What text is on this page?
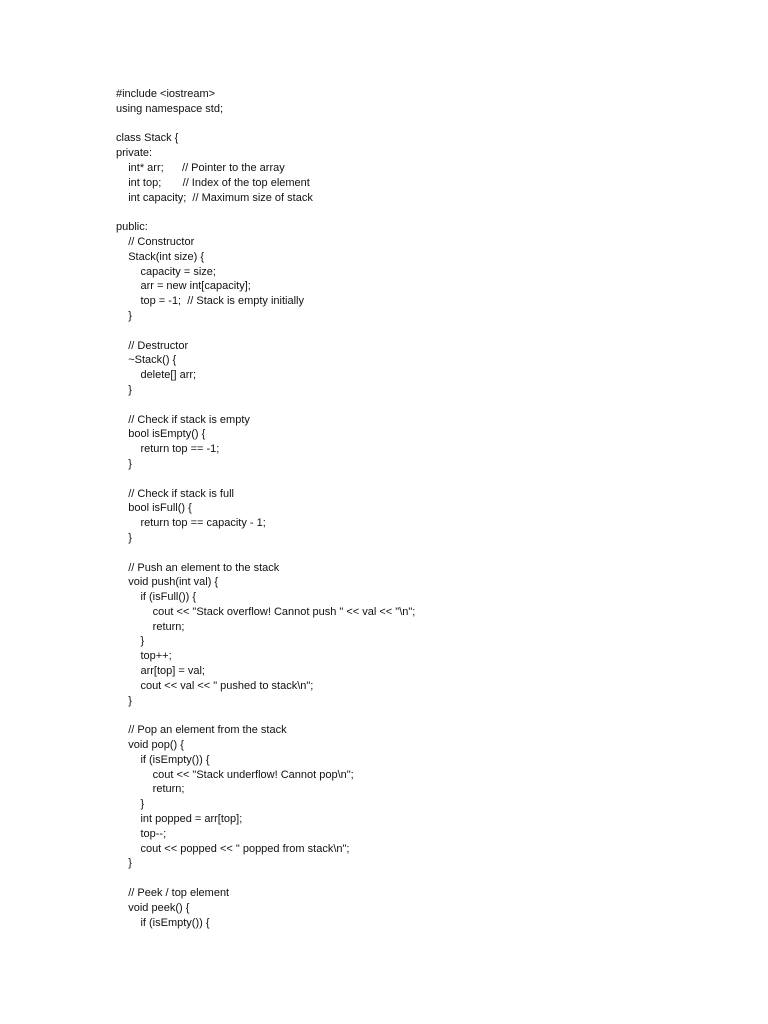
#include <iostream>
using namespace std;
class Stack {
private:
int* arr;      // Pointer to the array
int top;       // Index of the top element
int capacity;  // Maximum size of stack
public:
// Constructor
Stack(int size) {
capacity = size;
arr = new int[capacity];
top = -1;  // Stack is empty initially
}
// Destructor
~Stack() {
delete[] arr;
}
// Check if stack is empty
bool isEmpty() {
return top == -1;
}
// Check if stack is full
bool isFull() {
return top == capacity - 1;
}
// Push an element to the stack
void push(int val) {
if (isFull()) {
cout << "Stack overflow! Cannot push " << val << "\n";
return;
}
top++;
arr[top] = val;
cout << val << " pushed to stack\n";
}
// Pop an element from the stack
void pop() {
if (isEmpty()) {
cout << "Stack underflow! Cannot pop\n";
return;
}
int popped = arr[top];
top--;
cout << popped << " popped from stack\n";
}
// Peek / top element
void peek() {
if (isEmpty()) {
